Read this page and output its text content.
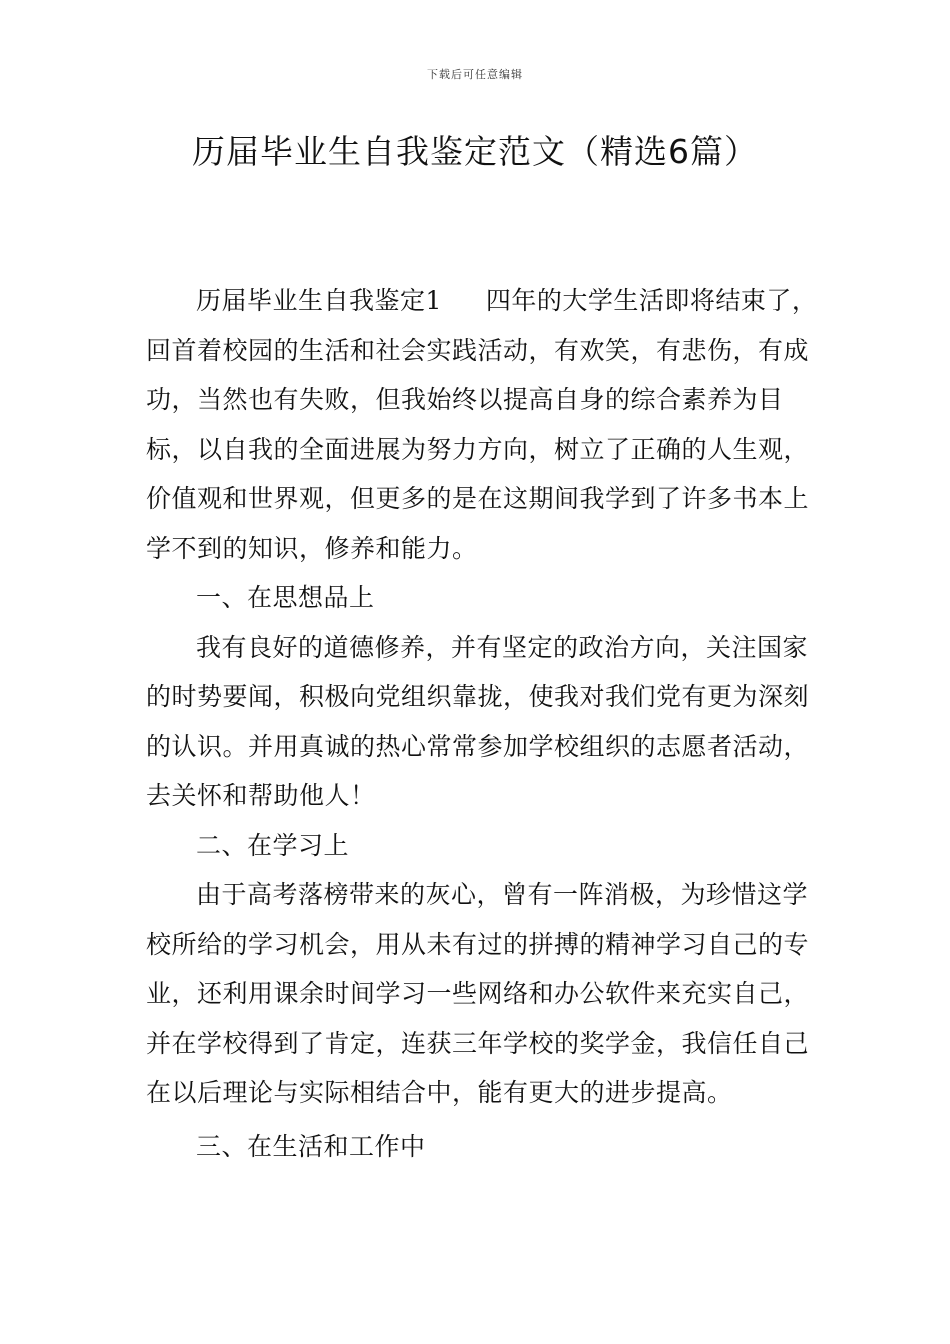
下载后可任意编辑
历届毕业生自我鉴定范文（精选6篇）

历届毕业生自我鉴定1 四年的大学生活即将结束了，回首着校园的生活和社会实践活动，有欢笑，有悲伤，有成功，当然也有失败，但我始终以提高自身的综合素养为目标，以自我的全面进展为努力方向，树立了正确的人生观，价值观和世界观，但更多的是在这期间我学到了许多书本上学不到的知识，修养和能力。

一、在思想品上

我有良好的道德修养，并有坚定的政治方向，关注国家的时势要闻，积极向党组织靠拢，使我对我们党有更为深刻的认识。并用真诚的热心常常参加学校组织的志愿者活动，去关怀和帮助他人！

二、在学习上

由于高考落榜带来的灰心，曾有一阵消极，为珍惜这学校所给的学习机会，用从未有过的拼搏的精神学习自己的专业，还利用课余时间学习一些网络和办公软件来充实自己，并在学校得到了肯定，连获三年学校的奖学金，我信任自己在以后理论与实际相结合中，能有更大的进步提高。

三、在生活和工作中
